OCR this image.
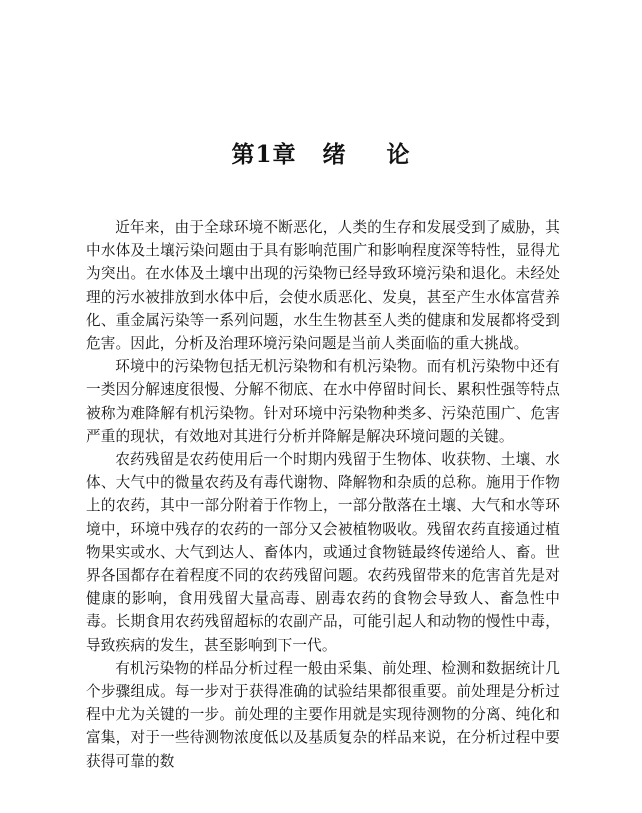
第1章 绪 论

近年来，由于全球环境不断恶化，人类的生存和发展受到了威胁，其中水体及土壤污染问题由于具有影响范围广和影响程度深等特性，显得尤为突出。在水体及土壤中出现的污染物已经导致环境污染和退化。未经处理的污水被排放到水体中后，会使水质恶化、发臭，甚至产生水体富营养化、重金属污染等一系列问题，水生生物甚至人类的健康和发展都将受到危害。因此，分析及治理环境污染问题是当前人类面临的重大挑战。

环境中的污染物包括无机污染物和有机污染物。而有机污染物中还有一类因分解速度很慢、分解不彻底、在水中停留时间长、累积性强等特点被称为难降解有机污染物。针对环境中污染物种类多、污染范围广、危害严重的现状，有效地对其进行分析并降解是解决环境问题的关键。

农药残留是农药使用后一个时期内残留于生物体、收获物、土壤、水体、大气中的微量农药及有毒代谢物、降解物和杂质的总称。施用于作物上的农药，其中一部分附着于作物上，一部分散落在土壤、大气和水等环境中，环境中残存的农药的一部分又会被植物吸收。残留农药直接通过植物果实或水、大气到达人、畜体内，或通过食物链最终传递给人、畜。世界各国都存在着程度不同的农药残留问题。农药残留带来的危害首先是对健康的影响，食用残留大量高毒、剧毒农药的食物会导致人、畜急性中毒。长期食用农药残留超标的农副产品，可能引起人和动物的慢性中毒，导致疾病的发生，甚至影响到下一代。

有机污染物的样品分析过程一般由采集、前处理、检测和数据统计几个步骤组成。每一步对于获得准确的试验结果都很重要。前处理是分析过程中尤为关键的一步。前处理的主要作用就是实现待测物的分离、纯化和富集，对于一些待测物浓度低以及基质复杂的样品来说，在分析过程中要获得可靠的数
